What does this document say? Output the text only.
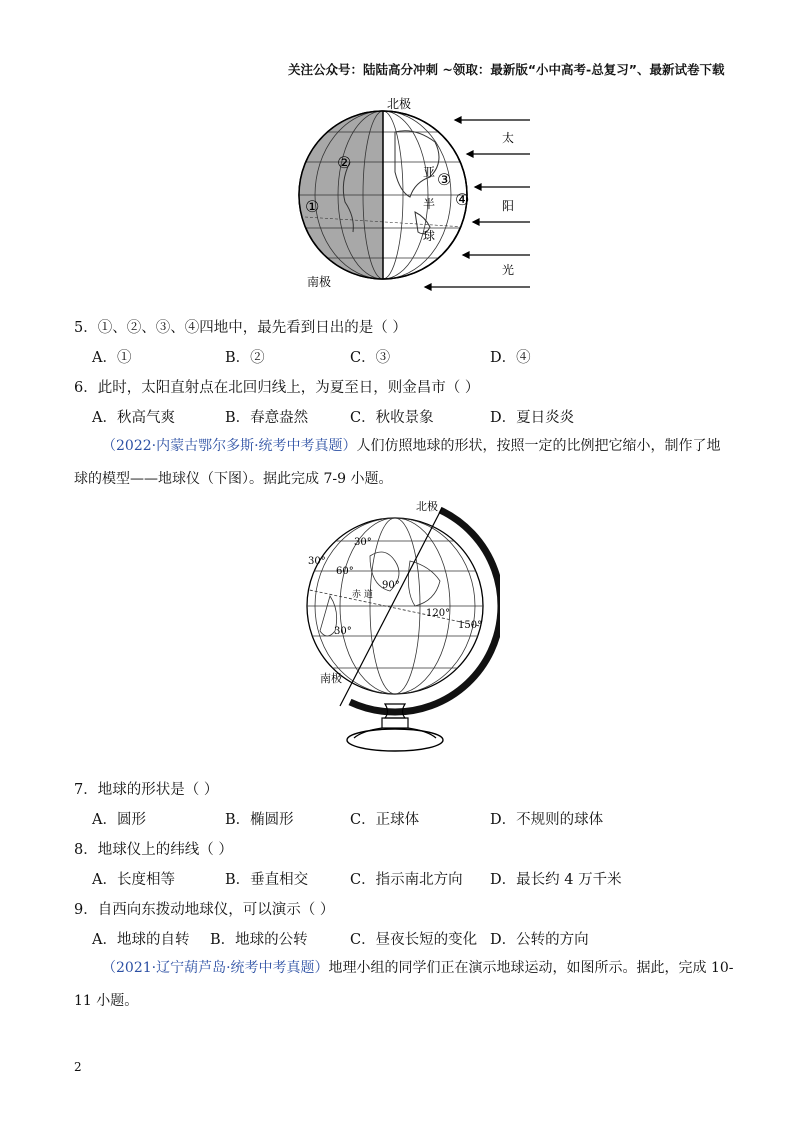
关注公众号：陆陆高分冲刺 ~领取：最新版“小中高考-总复习”、最新试卷下载
北极
南极
亚
半
球
①
②
③
④
太
阳
光
5．①、②、③、④四地中，最先看到日出的是（ ）
A．①	B．②	C．③	D．④
6．此时，太阳直射点在北回归线上，为夏至日，则金昌市（ ）
A．秋高气爽	B．春意盎然	C．秋收景象	D．夏日炎炎
（2022·内蒙古鄂尔多斯·统考中考真题）人们仿照地球的形状，按照一定的比例把它缩小，制作了地球的模型——地球仪（下图）。据此完成 7-9 小题。
北极
南极
赤 道
30°
30°
60°
90°
120°
150°
30°
7．地球的形状是（ ）
A．圆形	B．椭圆形	C．正球体	D．不规则的球体
8．地球仪上的纬线（ ）
A．长度相等	B．垂直相交	C．指示南北方向 D．最长约 4 万千米
9．自西向东拨动地球仪，可以演示（ ）
A．地球的自转 B．地球的公转	C．昼夜长短的变化 D．公转的方向
（2021·辽宁葫芦岛·统考中考真题）地理小组的同学们正在演示地球运动，如图所示。据此，完成 10-11 小题。
2
